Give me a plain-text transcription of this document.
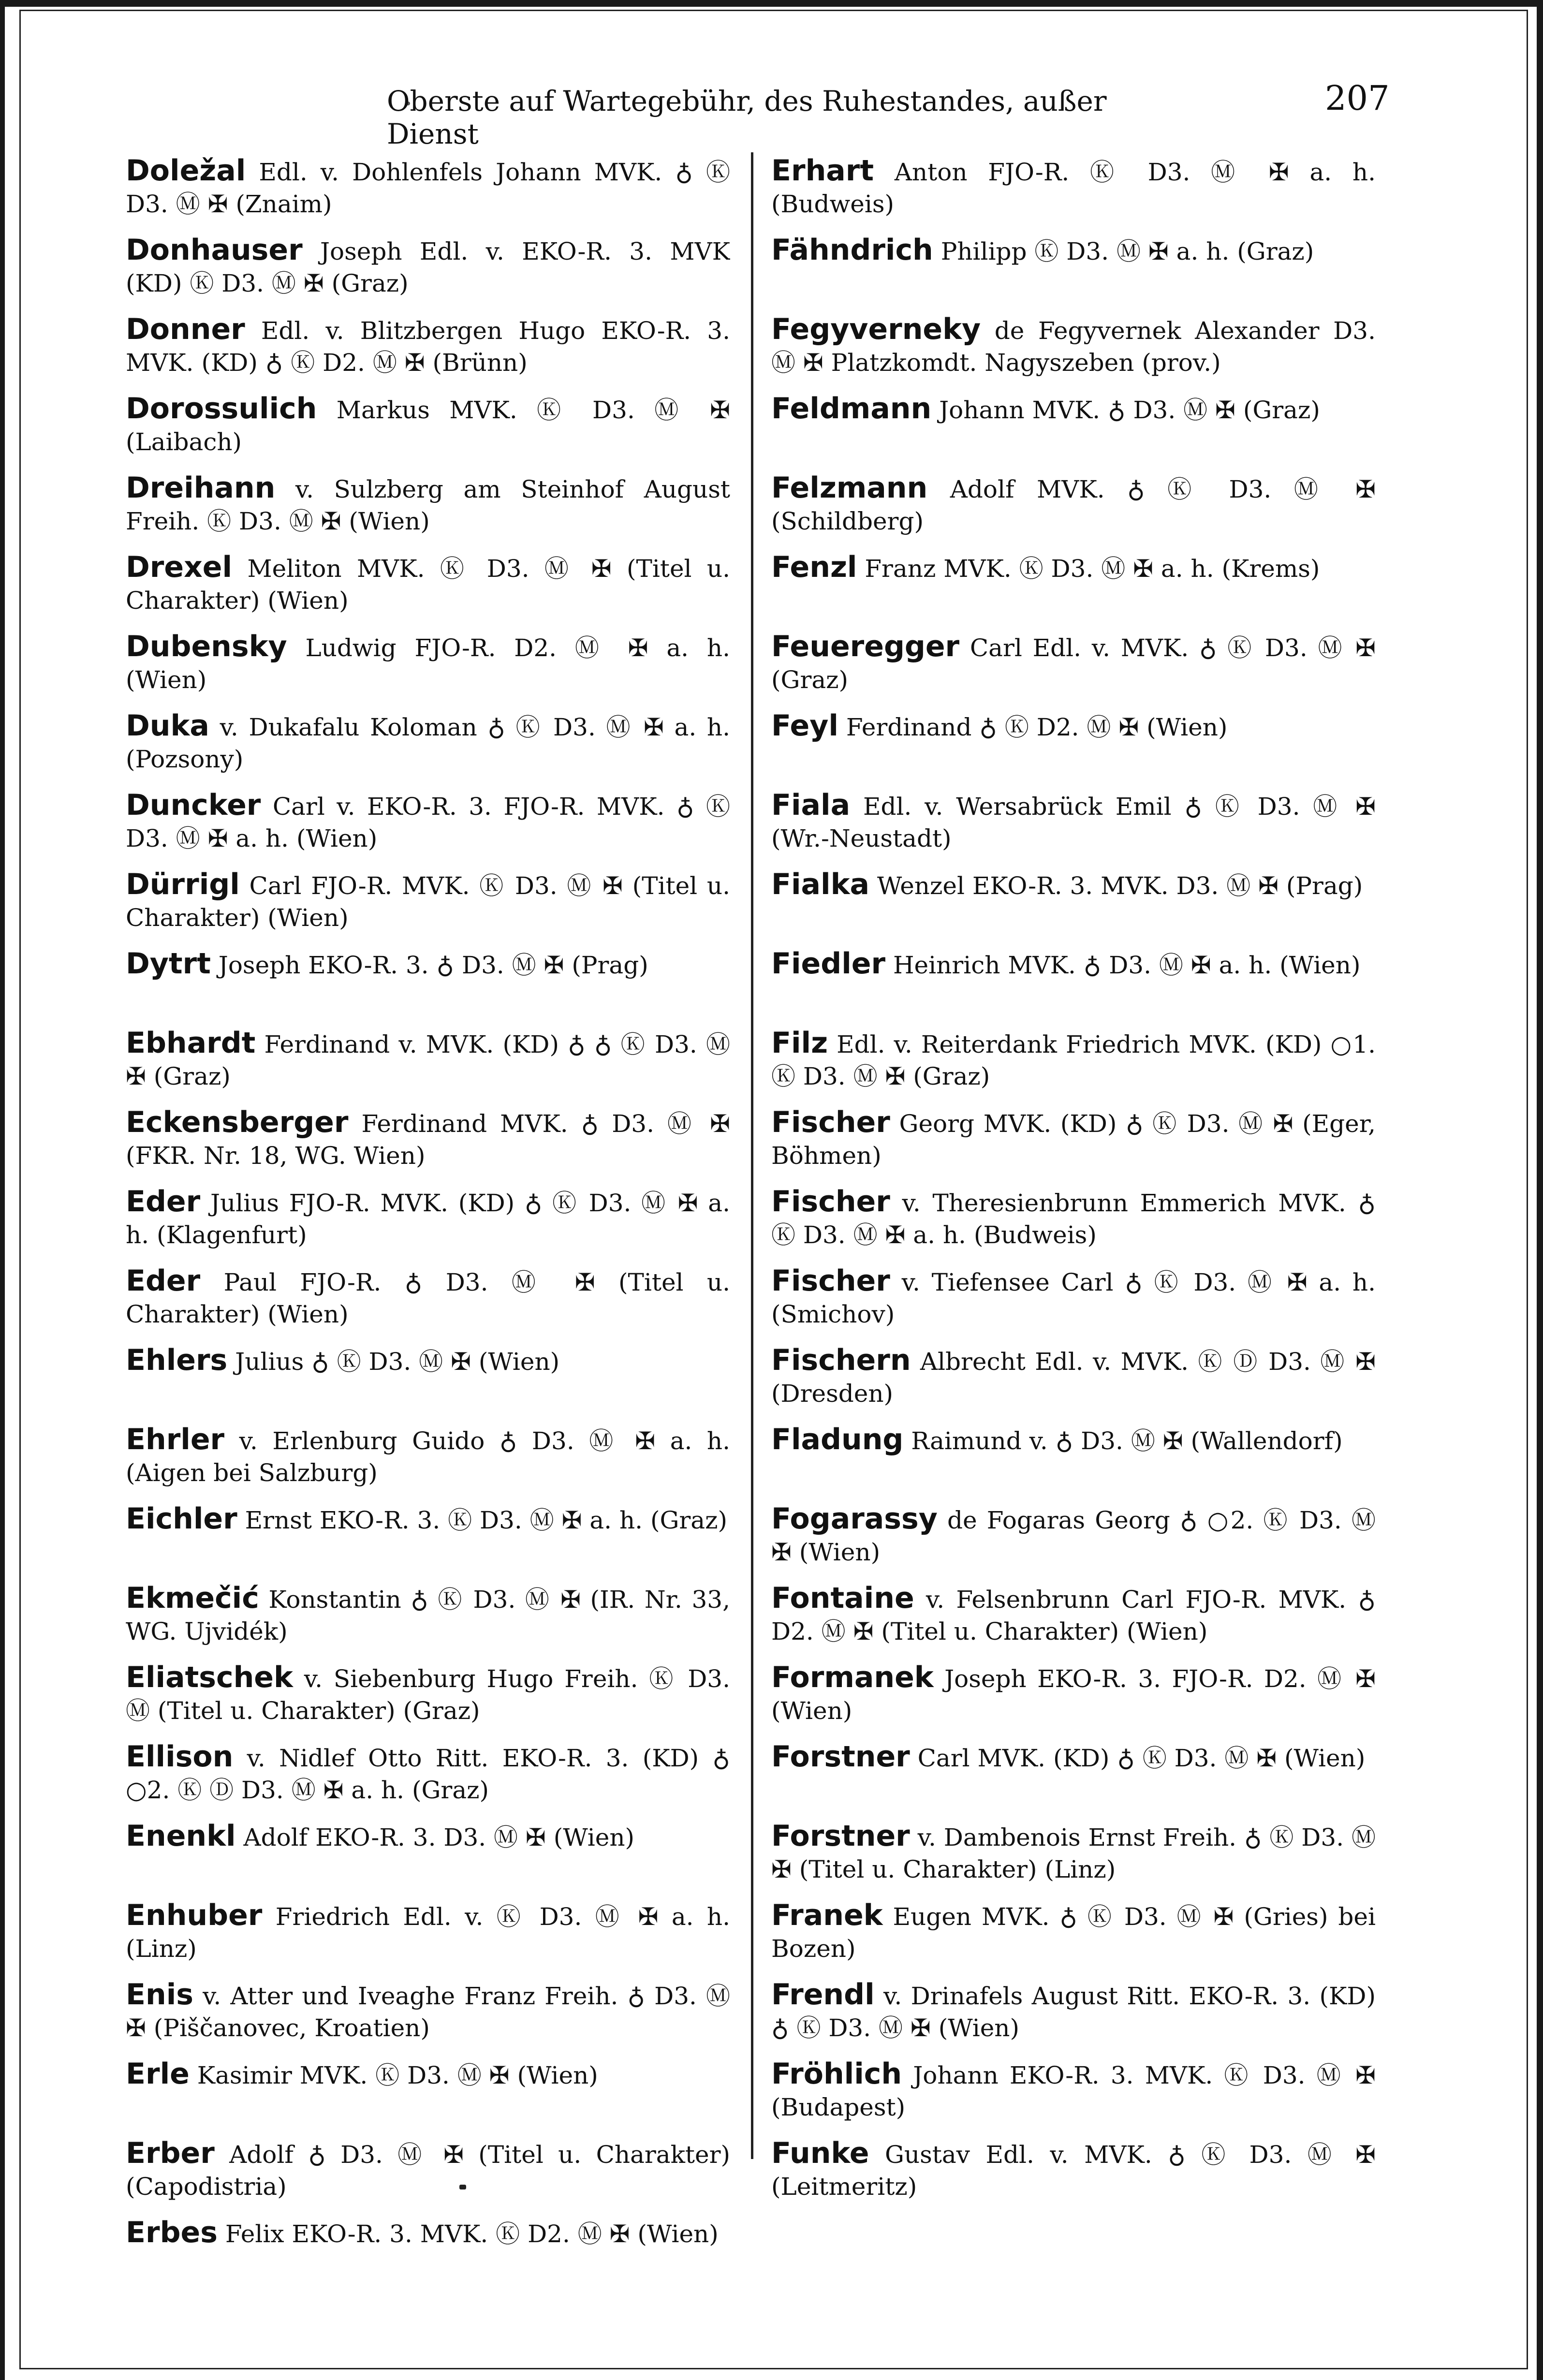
Oberste auf Wartegebühr, des Ruhestandes, außer Dienst
207
Doležal Edl. v. Dohlenfels Johann MVK. ♁ Ⓚ D3. Ⓜ ✠ (Znaim)
Donhauser Joseph Edl. v. EKO-R. 3. MVK (KD) Ⓚ D3. Ⓜ ✠ (Graz)
Donner Edl. v. Blitzbergen Hugo EKO-R. 3. MVK. (KD) ♁ Ⓚ D2. Ⓜ ✠ (Brünn)
Dorossulich Markus MVK. Ⓚ D3. Ⓜ ✠ (Laibach)
Dreihann v. Sulzberg am Steinhof August Freih. Ⓚ D3. Ⓜ ✠ (Wien)
Drexel Meliton MVK. Ⓚ D3. Ⓜ ✠ (Titel u. Charakter) (Wien)
Dubensky Ludwig FJO-R. D2. Ⓜ ✠ a. h. (Wien)
Duka v. Dukafalu Koloman ♁ Ⓚ D3. Ⓜ ✠ a. h. (Pozsony)
Duncker Carl v. EKO-R. 3. FJO-R. MVK. ♁ Ⓚ D3. Ⓜ ✠ a. h. (Wien)
Dürrigl Carl FJO-R. MVK. Ⓚ D3. Ⓜ ✠ (Titel u. Charakter) (Wien)
Dytrt Joseph EKO-R. 3. ♁ D3. Ⓜ ✠ (Prag)
Ebhardt Ferdinand v. MVK. (KD) ♁ ♁ Ⓚ D3. Ⓜ ✠ (Graz)
Eckensberger Ferdinand MVK. ♁ D3. Ⓜ ✠ (FKR. Nr. 18, WG. Wien)
Eder Julius FJO-R. MVK. (KD) ♁ Ⓚ D3. Ⓜ ✠ a. h. (Klagenfurt)
Eder Paul FJO-R. ♁ D3. Ⓜ ✠ (Titel u. Charakter) (Wien)
Ehlers Julius ♁ Ⓚ D3. Ⓜ ✠ (Wien)
Ehrler v. Erlenburg Guido ♁ D3. Ⓜ ✠ a. h. (Aigen bei Salzburg)
Eichler Ernst EKO-R. 3. Ⓚ D3. Ⓜ ✠ a. h. (Graz)
Ekmečić Konstantin ♁ Ⓚ D3. Ⓜ ✠ (IR. Nr. 33, WG. Ujvidék)
Eliatschek v. Siebenburg Hugo Freih. Ⓚ D3. Ⓜ (Titel u. Charakter) (Graz)
Ellison v. Nidlef Otto Ritt. EKO-R. 3. (KD) ♁ ○2. Ⓚ Ⓓ D3. Ⓜ ✠ a. h. (Graz)
Enenkl Adolf EKO-R. 3. D3. Ⓜ ✠ (Wien)
Enhuber Friedrich Edl. v. Ⓚ D3. Ⓜ ✠ a. h. (Linz)
Enis v. Atter und Iveaghe Franz Freih. ♁ D3. Ⓜ ✠ (Piščanovec, Kroatien)
Erle Kasimir MVK. Ⓚ D3. Ⓜ ✠ (Wien)
Erber Adolf ♁ D3. Ⓜ ✠ (Titel u. Charakter) (Capodistria)
Erbes Felix EKO-R. 3. MVK. Ⓚ D2. Ⓜ ✠ (Wien)
Erhart Anton FJO-R. Ⓚ D3. Ⓜ ✠ a. h. (Budweis)
Fähndrich Philipp Ⓚ D3. Ⓜ ✠ a. h. (Graz)
Fegyverneky de Fegyvernek Alexander D3. Ⓜ ✠ Platzkomdt. Nagyszeben (prov.)
Feldmann Johann MVK. ♁ D3. Ⓜ ✠ (Graz)
Felzmann Adolf MVK. ♁ Ⓚ D3. Ⓜ ✠ (Schildberg)
Fenzl Franz MVK. Ⓚ D3. Ⓜ ✠ a. h. (Krems)
Feueregger Carl Edl. v. MVK. ♁ Ⓚ D3. Ⓜ ✠ (Graz)
Feyl Ferdinand ♁ Ⓚ D2. Ⓜ ✠ (Wien)
Fiala Edl. v. Wersabrück Emil ♁ Ⓚ D3. Ⓜ ✠ (Wr.-Neustadt)
Fialka Wenzel EKO-R. 3. MVK. D3. Ⓜ ✠ (Prag)
Fiedler Heinrich MVK. ♁ D3. Ⓜ ✠ a. h. (Wien)
Filz Edl. v. Reiterdank Friedrich MVK. (KD) ○1. Ⓚ D3. Ⓜ ✠ (Graz)
Fischer Georg MVK. (KD) ♁ Ⓚ D3. Ⓜ ✠ (Eger, Böhmen)
Fischer v. Theresienbrunn Emmerich MVK. ♁ Ⓚ D3. Ⓜ ✠ a. h. (Budweis)
Fischer v. Tiefensee Carl ♁ Ⓚ D3. Ⓜ ✠ a. h. (Smichov)
Fischern Albrecht Edl. v. MVK. Ⓚ Ⓓ D3. Ⓜ ✠ (Dresden)
Fladung Raimund v. ♁ D3. Ⓜ ✠ (Wallendorf)
Fogarassy de Fogaras Georg ♁ ○2. Ⓚ D3. Ⓜ ✠ (Wien)
Fontaine v. Felsenbrunn Carl FJO-R. MVK. ♁ D2. Ⓜ ✠ (Titel u. Charakter) (Wien)
Formanek Joseph EKO-R. 3. FJO-R. D2. Ⓜ ✠ (Wien)
Forstner Carl MVK. (KD) ♁ Ⓚ D3. Ⓜ ✠ (Wien)
Forstner v. Dambenois Ernst Freih. ♁ Ⓚ D3. Ⓜ ✠ (Titel u. Charakter) (Linz)
Franek Eugen MVK. ♁ Ⓚ D3. Ⓜ ✠ (Gries) bei Bozen)
Frendl v. Drinafels August Ritt. EKO-R. 3. (KD) ♁ Ⓚ D3. Ⓜ ✠ (Wien)
Fröhlich Johann EKO-R. 3. MVK. Ⓚ D3. Ⓜ ✠ (Budapest)
Funke Gustav Edl. v. MVK. ♁ Ⓚ D3. Ⓜ ✠ (Leitmeritz)
